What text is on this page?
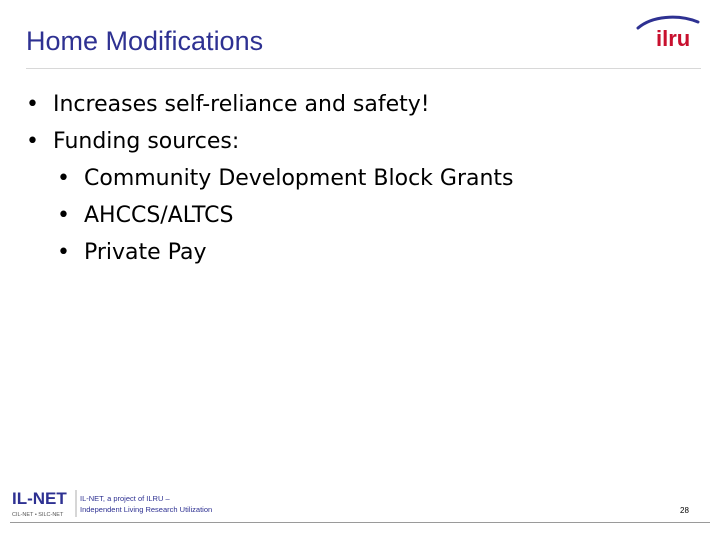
Home Modifications	ilru
• Increases self-reliance and safety!
• Funding sources:
• Community Development Block Grants
• AHCCS/ALTCS
• Private Pay
IL-NET
CIL-NET • SILC-NET
IL-NET, a project of ILRU –
Independent Living Research Utilization	28
